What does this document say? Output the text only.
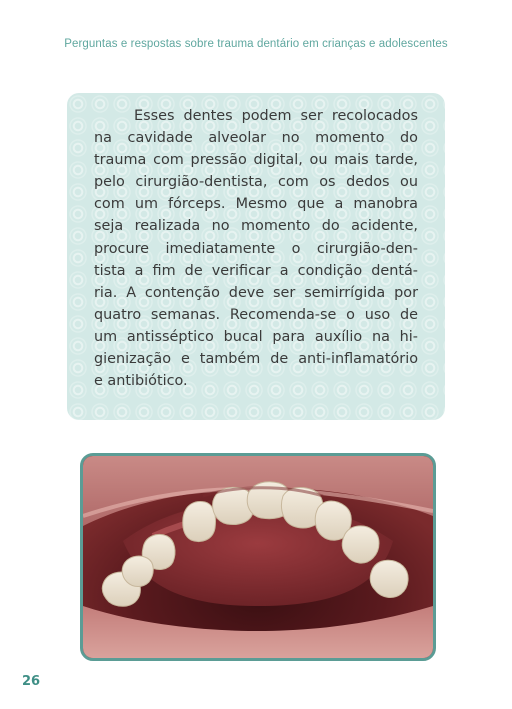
Perguntas e respostas sobre trauma dentário em crianças e adolescentes

Esses dentes podem ser recolocados
na cavidade alveolar no momento do
trauma com pressão digital, ou mais tarde,
pelo cirurgião-dentista, com os dedos ou
com um fórceps. Mesmo que a manobra
seja realizada no momento do acidente,
procure imediatamente o cirurgião-den-
tista a fim de verificar a condição dentá-
ria. A contenção deve ser semirrígida por
quatro semanas. Recomenda-se o uso de
um antisséptico bucal para auxílio na hi-
gienização e também de anti-inflamatório
e antibiótico.

26
